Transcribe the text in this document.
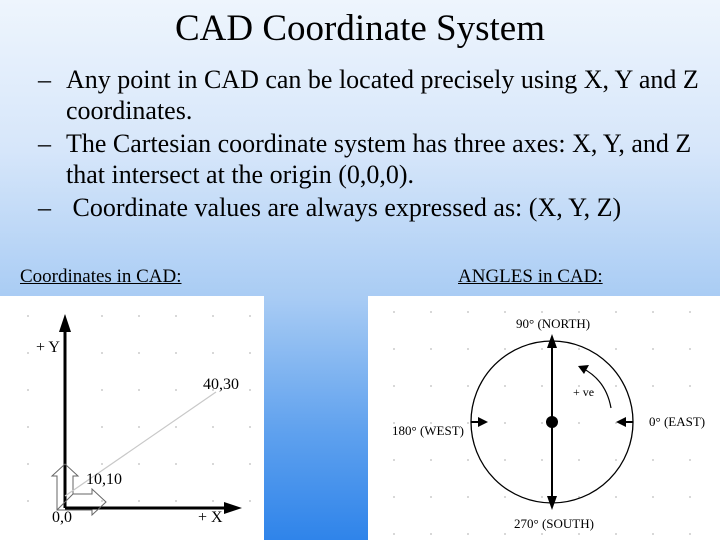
CAD Coordinate System
– Any point in CAD can be located precisely using X, Y and Z coordinates.
– The Cartesian coordinate system has three axes: X, Y, and Z that intersect at the origin (0,0,0).
– Coordinate values are always expressed as: (X, Y, Z)
Coordinates in CAD:	ANGLES in CAD:
+ Y
+ X
0,0
10,10
40,30
90° (NORTH)
180° (WEST)
0° (EAST)
270° (SOUTH)
+ ve
